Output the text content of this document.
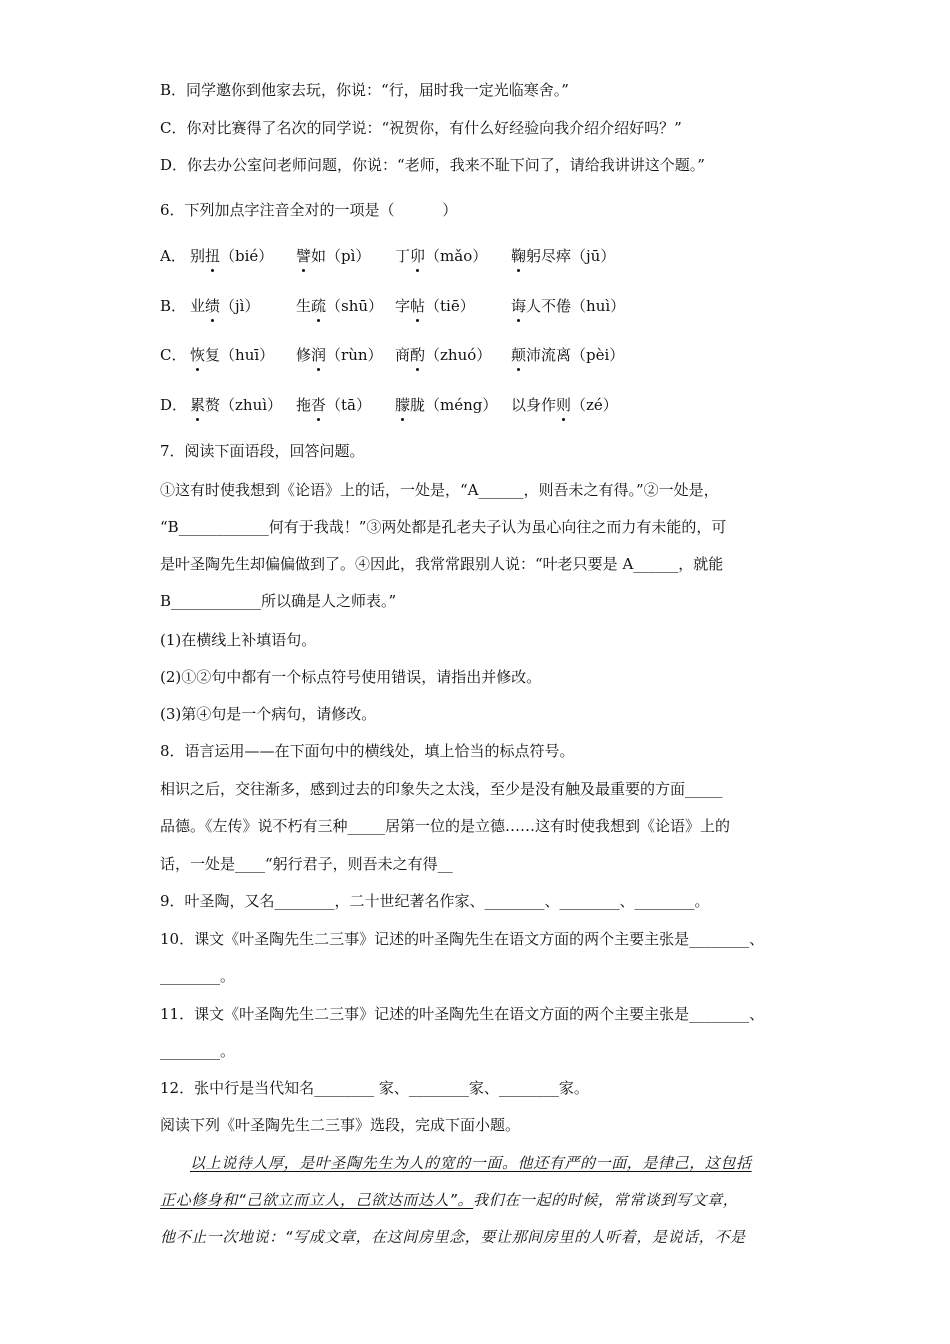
B．同学邀你到他家去玩，你说：“行，届时我一定光临寒舍。”
C．你对比赛得了名次的同学说：“祝贺你，有什么好经验向我介绍介绍好吗？”
D．你去办公室问老师问题，你说：“老师，我来不耻下问了，请给我讲讲这个题。”
6．下列加点字注音全对的一项是（          ）
A． 别扭（bié） 譬如（pì） 丁卯（mǎo） 鞠躬尽瘁（jū）
B． 业绩（jì） 生疏（shū） 字帖（tiē） 诲人不倦（huì）
C． 恢复（huī） 修润（rùn） 商酌（zhuó） 颠沛流离（pèi）
D． 累赘（zhuì） 拖沓（tā） 朦胧（méng） 以身作则（zé）
7．阅读下面语段，回答问题。
①这有时使我想到《论语》上的话，一处是，“A______，则吾未之有得。”②一处是，
“B____________何有于我哉！”③两处都是孔老夫子认为虽心向往之而力有未能的，可
是叶圣陶先生却偏偏做到了。④因此，我常常跟别人说：“叶老只要是 A______，就能
B____________所以确是人之师表。”
(1)在横线上补填语句。
(2)①②句中都有一个标点符号使用错误，请指出并修改。
(3)第④句是一个病句，请修改。
8．语言运用——在下面句中的横线处，填上恰当的标点符号。
相识之后，交往渐多，感到过去的印象失之太浅，至少是没有触及最重要的方面_____
品德。《左传》说不朽有三种_____居第一位的是立德……这有时使我想到《论语》上的
话，一处是____“躬行君子，则吾未之有得__
9．叶圣陶，又名________，二十世纪著名作家、________、________、________。
10．课文《叶圣陶先生二三事》记述的叶圣陶先生在语文方面的两个主要主张是________、
________。
11．课文《叶圣陶先生二三事》记述的叶圣陶先生在语文方面的两个主要主张是________、
________。
12．张中行是当代知名________ 家、________家、________家。
阅读下列《叶圣陶先生二三事》选段，完成下面小题。
以上说待人厚，是叶圣陶先生为人的宽的一面。他还有严的一面，是律己，这包括
正心修身和“己欲立而立人，己欲达而达人”。我们在一起的时候，常常谈到写文章，
他不止一次地说：“写成文章，在这间房里念，要让那间房里的人听着，是说话，不是
